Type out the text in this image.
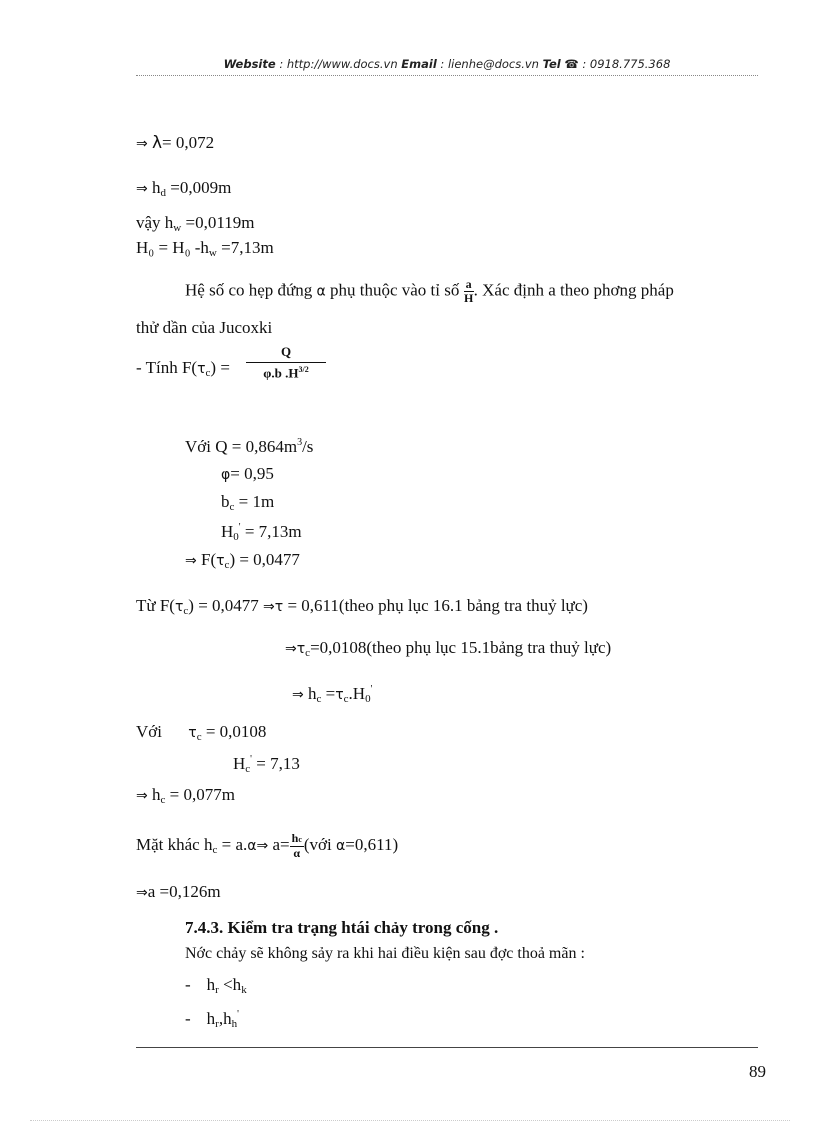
Website : http://www.docs.vn Email : lienhe@docs.vn Tel ☎ : 0918.775.368
⇒ λ= 0,072
⇒ $h_d =0,009m$
vậy $h_w =0,0119m$
H₀ = H₀ $-h_w =7,13m$
Hệ số co hẹp đứng α phụ thuộc vào tỉ số $\frac{a}{H}$ . Xác định a theo phơng pháp
thử dần của Jucoxki
- Tính $F(\tau_c) = \frac{Q}{\varphi.b .H^{3/2}}$
Với $Q = 0,864m^3/s$
φ= 0,95
$b_c = 1m$
$H_0' = 7,13m$
⇒ $F(\tau_c) = 0,0477$
Từ $F(\tau_c) = 0,0477$ ⇒τ = 0,611(theo phụ lục 16.1 bảng tra thuỷ lực)
$\Rightarrow\tau_c=0,0108(theo$ phụ lục 15.1bảng tra thuỷ lực)
⇒ $h_c =\tau_c.H_0'$
Với $\tau_c = 0,0108$
$H_c' = 7,13$
⇒ $h_c = 0,077m$
Mặt khác $h_c$ = a.α⇒ $a= \frac{hc}{\alpha}$ (với α=0,611)
⇒a =0,126m
7.4.3. Kiểm tra trạng htái chảy trong cống .
Nớc chảy sẽ không sảy ra khi hai điều kiện sau đợc thoả mãn :
- $h_r <h_k$
- $h_r,h_h'$
89
